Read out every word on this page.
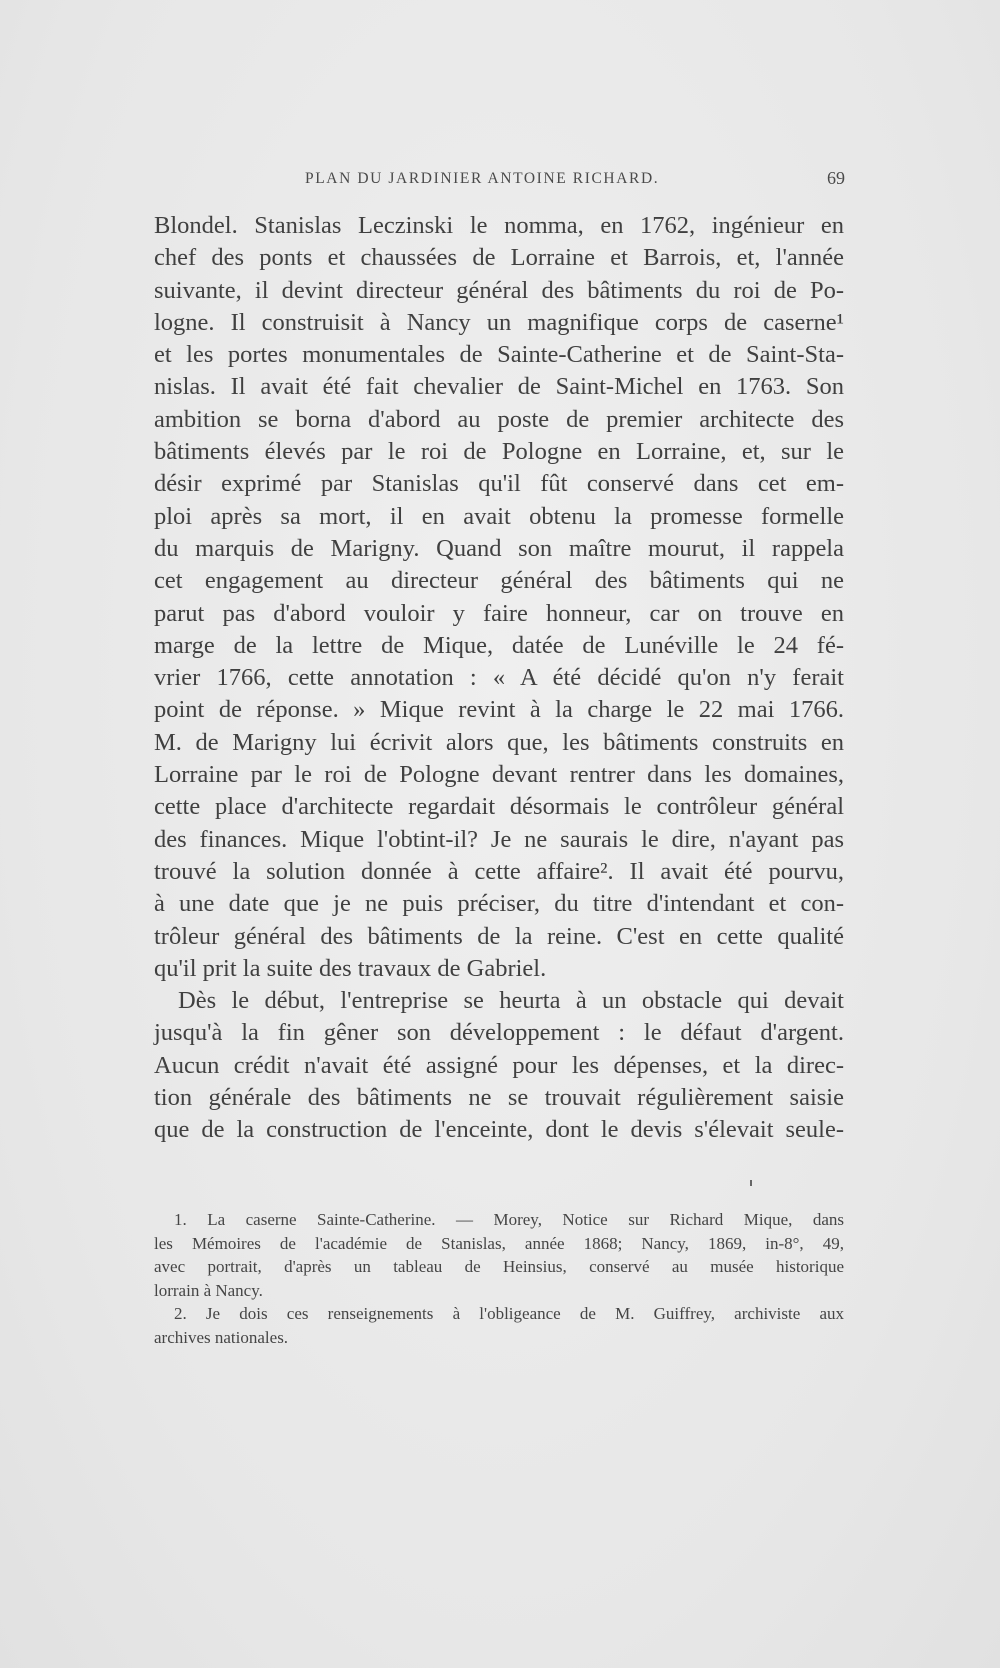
PLAN DU JARDINIER ANTOINE RICHARD.	69
Blondel. Stanislas Leczinski le nomma, en 1762, ingénieur en
chef des ponts et chaussées de Lorraine et Barrois, et, l'année
suivante, il devint directeur général des bâtiments du roi de Po-
logne. Il construisit à Nancy un magnifique corps de caserne¹
et les portes monumentales de Sainte-Catherine et de Saint-Sta-
nislas. Il avait été fait chevalier de Saint-Michel en 1763. Son
ambition se borna d'abord au poste de premier architecte des
bâtiments élevés par le roi de Pologne en Lorraine, et, sur le
désir exprimé par Stanislas qu'il fût conservé dans cet em-
ploi après sa mort, il en avait obtenu la promesse formelle
du marquis de Marigny. Quand son maître mourut, il rappela
cet engagement au directeur général des bâtiments qui ne
parut pas d'abord vouloir y faire honneur, car on trouve en
marge de la lettre de Mique, datée de Lunéville le 24 fé-
vrier 1766, cette annotation : « A été décidé qu'on n'y ferait
point de réponse. » Mique revint à la charge le 22 mai 1766.
M. de Marigny lui écrivit alors que, les bâtiments construits en
Lorraine par le roi de Pologne devant rentrer dans les domaines,
cette place d'architecte regardait désormais le contrôleur général
des finances. Mique l'obtint-il? Je ne saurais le dire, n'ayant pas
trouvé la solution donnée à cette affaire². Il avait été pourvu,
à une date que je ne puis préciser, du titre d'intendant et con-
trôleur général des bâtiments de la reine. C'est en cette qualité
qu'il prit la suite des travaux de Gabriel.
Dès le début, l'entreprise se heurta à un obstacle qui devait
jusqu'à la fin gêner son développement : le défaut d'argent.
Aucun crédit n'avait été assigné pour les dépenses, et la direc-
tion générale des bâtiments ne se trouvait régulièrement saisie
que de la construction de l'enceinte, dont le devis s'élevait seule-
1. La caserne Sainte-Catherine. — Morey, Notice sur Richard Mique, dans
les Mémoires de l'académie de Stanislas, année 1868; Nancy, 1869, in-8°, 49,
avec portrait, d'après un tableau de Heinsius, conservé au musée historique
lorrain à Nancy.
2. Je dois ces renseignements à l'obligeance de M. Guiffrey, archiviste aux
archives nationales.
